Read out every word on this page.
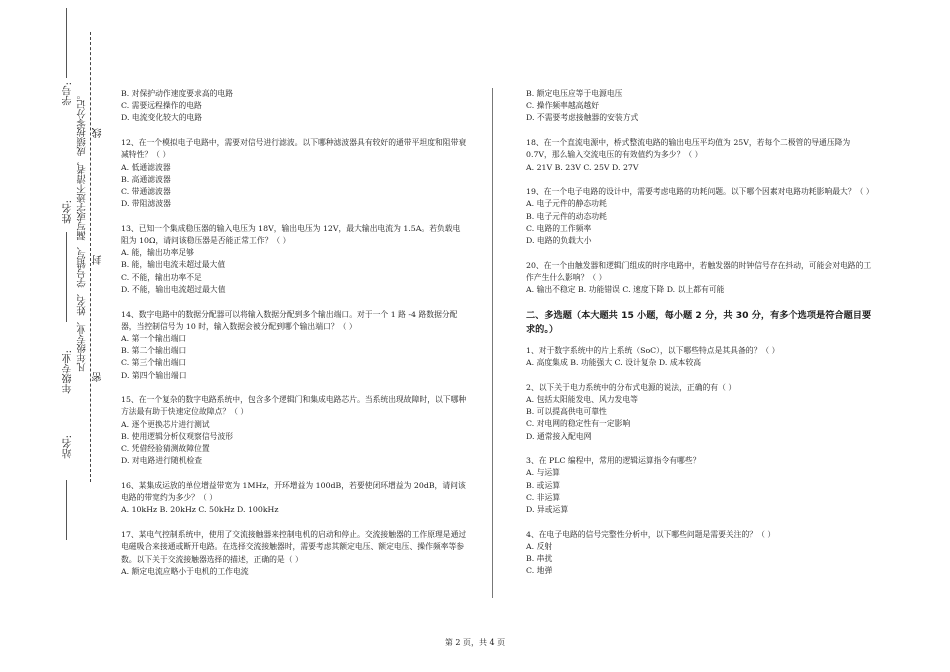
学号:
姓名:
年级专业:
站名:
凡年级专业、姓名、学号错写、漏写或字迹不清者，成绩按零分记。 线
封
密

B. 对保护动作速度要求高的电路

C. 需要远程操作的电路

D. 电流变化较大的电路

12、在一个模拟电子电路中，需要对信号进行滤波。以下哪种滤波器具有较好的通带平坦度和阻带衰减特性？（ ）

A. 低通滤波器

B. 高通滤波器

C. 带通滤波器

D. 带阻滤波器

13、已知一个集成稳压器的输入电压为 18V，输出电压为 12V，最大输出电流为 1.5A。若负载电阻为 10Ω，请问该稳压器是否能正常工作？（ ）

A. 能，输出功率足够

B. 能，输出电流未超过最大值

C. 不能，输出功率不足

D. 不能，输出电流超过最大值

14、数字电路中的数据分配器可以将输入数据分配到多个输出端口。对于一个 1 路 -4 路数据分配器，当控制信号为 10 时，输入数据会被分配到哪个输出端口？（ ）

A. 第一个输出端口

B. 第二个输出端口

C. 第三个输出端口

D. 第四个输出端口

15、在一个复杂的数字电路系统中，包含多个逻辑门和集成电路芯片。当系统出现故障时，以下哪种方法最有助于快速定位故障点？（ ）

A. 逐个更换芯片进行测试

B. 使用逻辑分析仪观察信号波形

C. 凭借经验猜测故障位置

D. 对电路进行随机检查

16、某集成运放的单位增益带宽为 1MHz，开环增益为 100dB，若要使闭环增益为 20dB，请问该电路的带宽约为多少？（ ）

A. 10kHz B. 20kHz C. 50kHz D. 100kHz

17、某电气控制系统中，使用了交流接触器来控制电机的启动和停止。交流接触器的工作原理是通过电磁吸合来接通或断开电路。在选择交流接触器时，需要考虑其额定电压、额定电压、操作频率等参数。以下关于交流接触器选择的描述，正确的是（ ）

A. 额定电流应略小于电机的工作电流

B. 额定电压应等于电源电压

C. 操作频率越高越好

D. 不需要考虑接触器的安装方式

18、在一个直流电源中，桥式整流电路的输出电压平均值为 25V，若每个二极管的导通压降为 0.7V，那么输入交流电压的有效值约为多少？（ ）

A. 21V B. 23V C. 25V D. 27V

19、在一个电子电路的设计中，需要考虑电路的功耗问题。以下哪个因素对电路功耗影响最大？（ ）

A. 电子元件的静态功耗

B. 电子元件的动态功耗

C. 电路的工作频率

D. 电路的负载大小

20、在一个由触发器和逻辑门组成的时序电路中，若触发器的时钟信号存在抖动，可能会对电路的工作产生什么影响？（ ）

A. 输出不稳定 B. 功能错误 C. 速度下降 D. 以上都有可能

二、多选题（本大题共 15 小题，每小题 2 分，共 30 分，有多个选项是符合题目要求的。）

1、对于数字系统中的片上系统（SoC），以下哪些特点是其具备的？（ ）

A. 高度集成 B. 功能强大 C. 设计复杂 D. 成本较高

2、以下关于电力系统中的分布式电源的说法，正确的有（ ）

A. 包括太阳能发电、风力发电等

B. 可以提高供电可靠性

C. 对电网的稳定性有一定影响

D. 通常接入配电网

3、在 PLC 编程中，常用的逻辑运算指令有哪些？

A. 与运算

B. 或运算

C. 非运算

D. 异或运算

4、在电子电路的信号完整性分析中，以下哪些问题是需要关注的？（ ）

A. 反射

B. 串扰

C. 地弹

第 2 页，共 4 页
